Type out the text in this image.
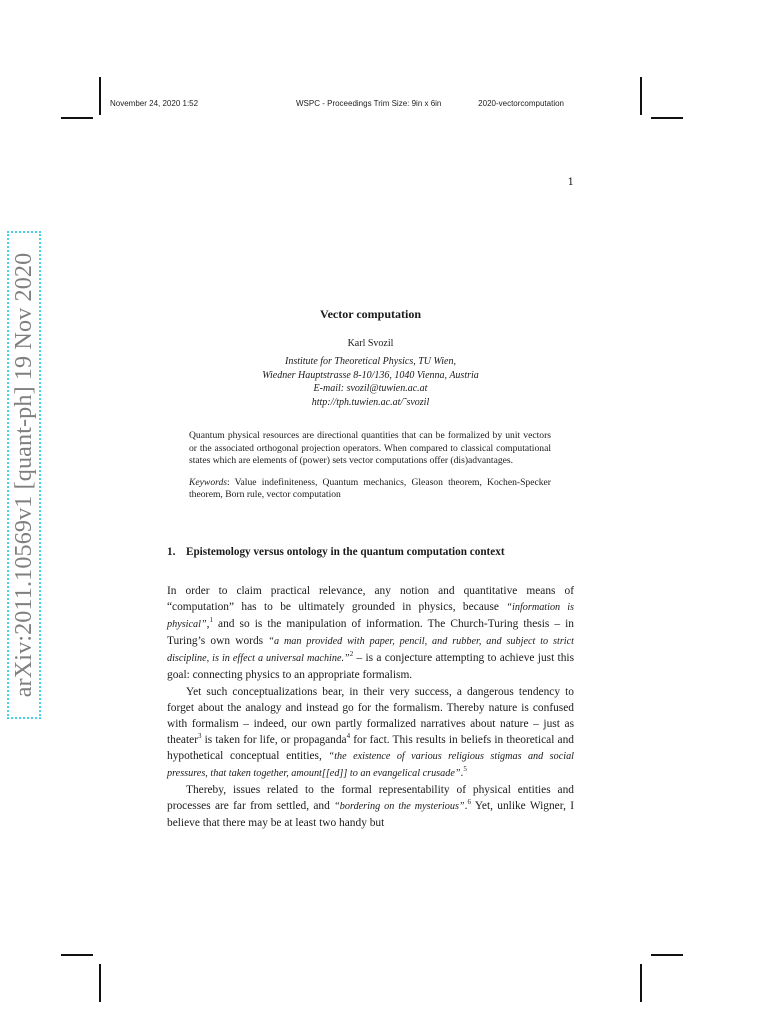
November 24, 2020 1:52	WSPC - Proceedings Trim Size: 9in x 6in	2020-vectorcomputation
1
arXiv:2011.10569v1 [quant-ph] 19 Nov 2020	Vector computation
Karl Svozil
Institute for Theoretical Physics, TU Wien,
Wiedner Hauptstrasse 8-10/136, 1040 Vienna, Austria
E-mail: svozil@tuwien.ac.at
http://tph.tuwien.ac.at/˜svozil

Quantum physical resources are directional quantities that can be formalized by unit vectors or the associated orthogonal projection operators. When compared to classical computational states which are elements of (power) sets vector computations offer (dis)advantages.

Keywords: Value indefiniteness, Quantum mechanics, Gleason theorem, Kochen-Specker theorem, Born rule, vector computation

1. Epistemology versus ontology in the quantum computation context

In order to claim practical relevance, any notion and quantitative means of “computation” has to be ultimately grounded in physics, because “information is physical”,$^1$ and so is the manipulation of information. The Church-Turing thesis – in Turing’s own words “a man provided with paper, pencil, and rubber, and subject to strict discipline, is in effect a universal machine.”$^2$ – is a conjecture attempting to achieve just this goal: connecting physics to an appropriate formalism.

Yet such conceptualizations bear, in their very success, a dangerous tendency to forget about the analogy and instead go for the formalism. Thereby nature is confused with formalism – indeed, our own partly formalized narratives about nature – just as theater$^3$ is taken for life, or propaganda$^4$ for fact. This results in beliefs in theoretical and hypothetical conceptual entities, “the existence of various religious stigmas and social pressures, that taken together, amount[[ed]] to an evangelical crusade”.$^5$

Thereby, issues related to the formal representability of physical entities and processes are far from settled, and “bordering on the mysterious”.$^6$ Yet, unlike Wigner, I believe that there may be at least two handy but
